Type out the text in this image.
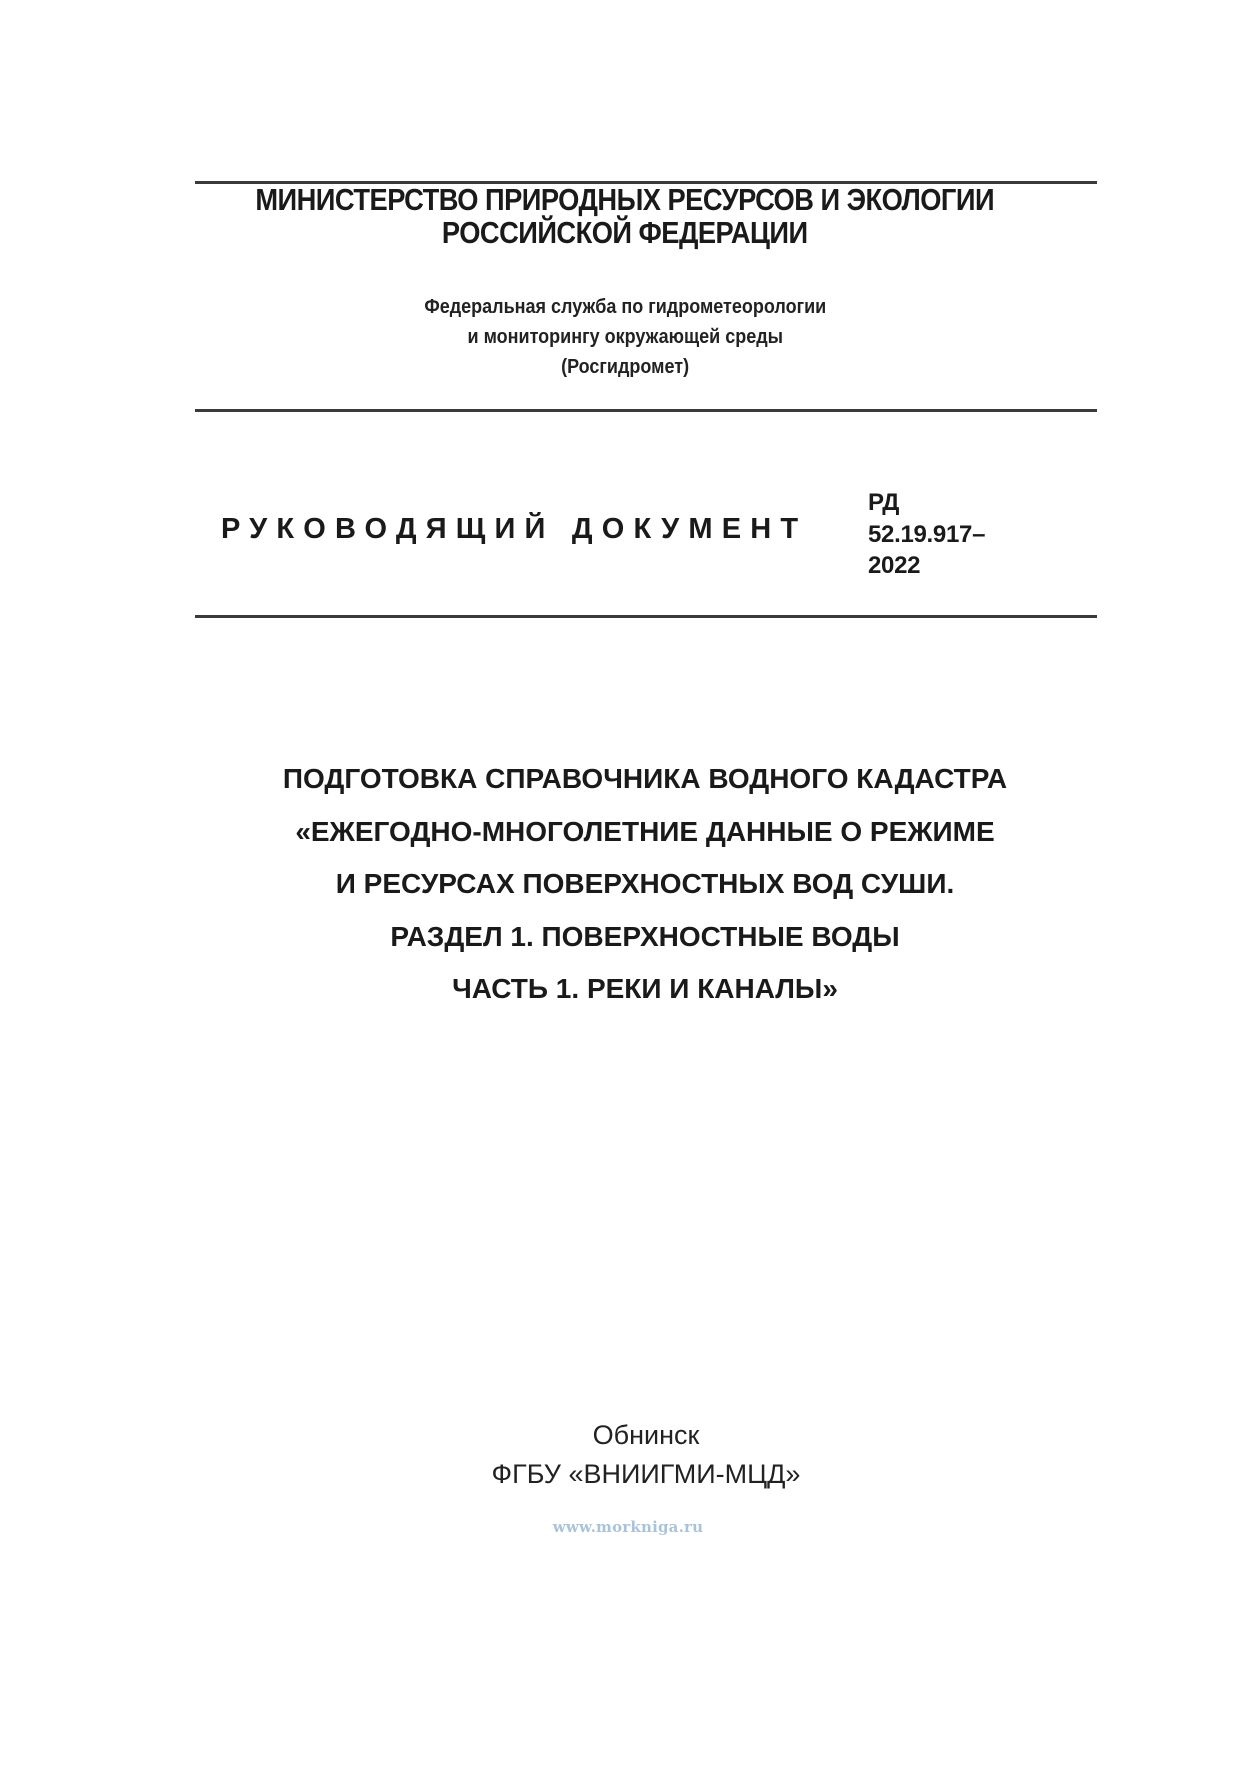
МИНИСТЕРСТВО ПРИРОДНЫХ РЕСУРСОВ И ЭКОЛОГИИ
РОССИЙСКОЙ ФЕДЕРАЦИИ
Федеральная служба по гидрометеорологии
и мониторингу окружающей среды
(Росгидромет)
РУКОВОДЯЩИЙ ДОКУМЕНТ
РД
52.19.917–
2022
ПОДГОТОВКА СПРАВОЧНИКА ВОДНОГО КАДАСТРА
«ЕЖЕГОДНО-МНОГОЛЕТНИЕ ДАННЫЕ О РЕЖИМЕ
И РЕСУРСАХ ПОВЕРХНОСТНЫХ ВОД СУШИ.
РАЗДЕЛ 1. ПОВЕРХНОСТНЫЕ ВОДЫ
ЧАСТЬ 1. РЕКИ И КАНАЛЫ»
Обнинск
ФГБУ «ВНИИГМИ-МЦД»
www.morkniga.ru
